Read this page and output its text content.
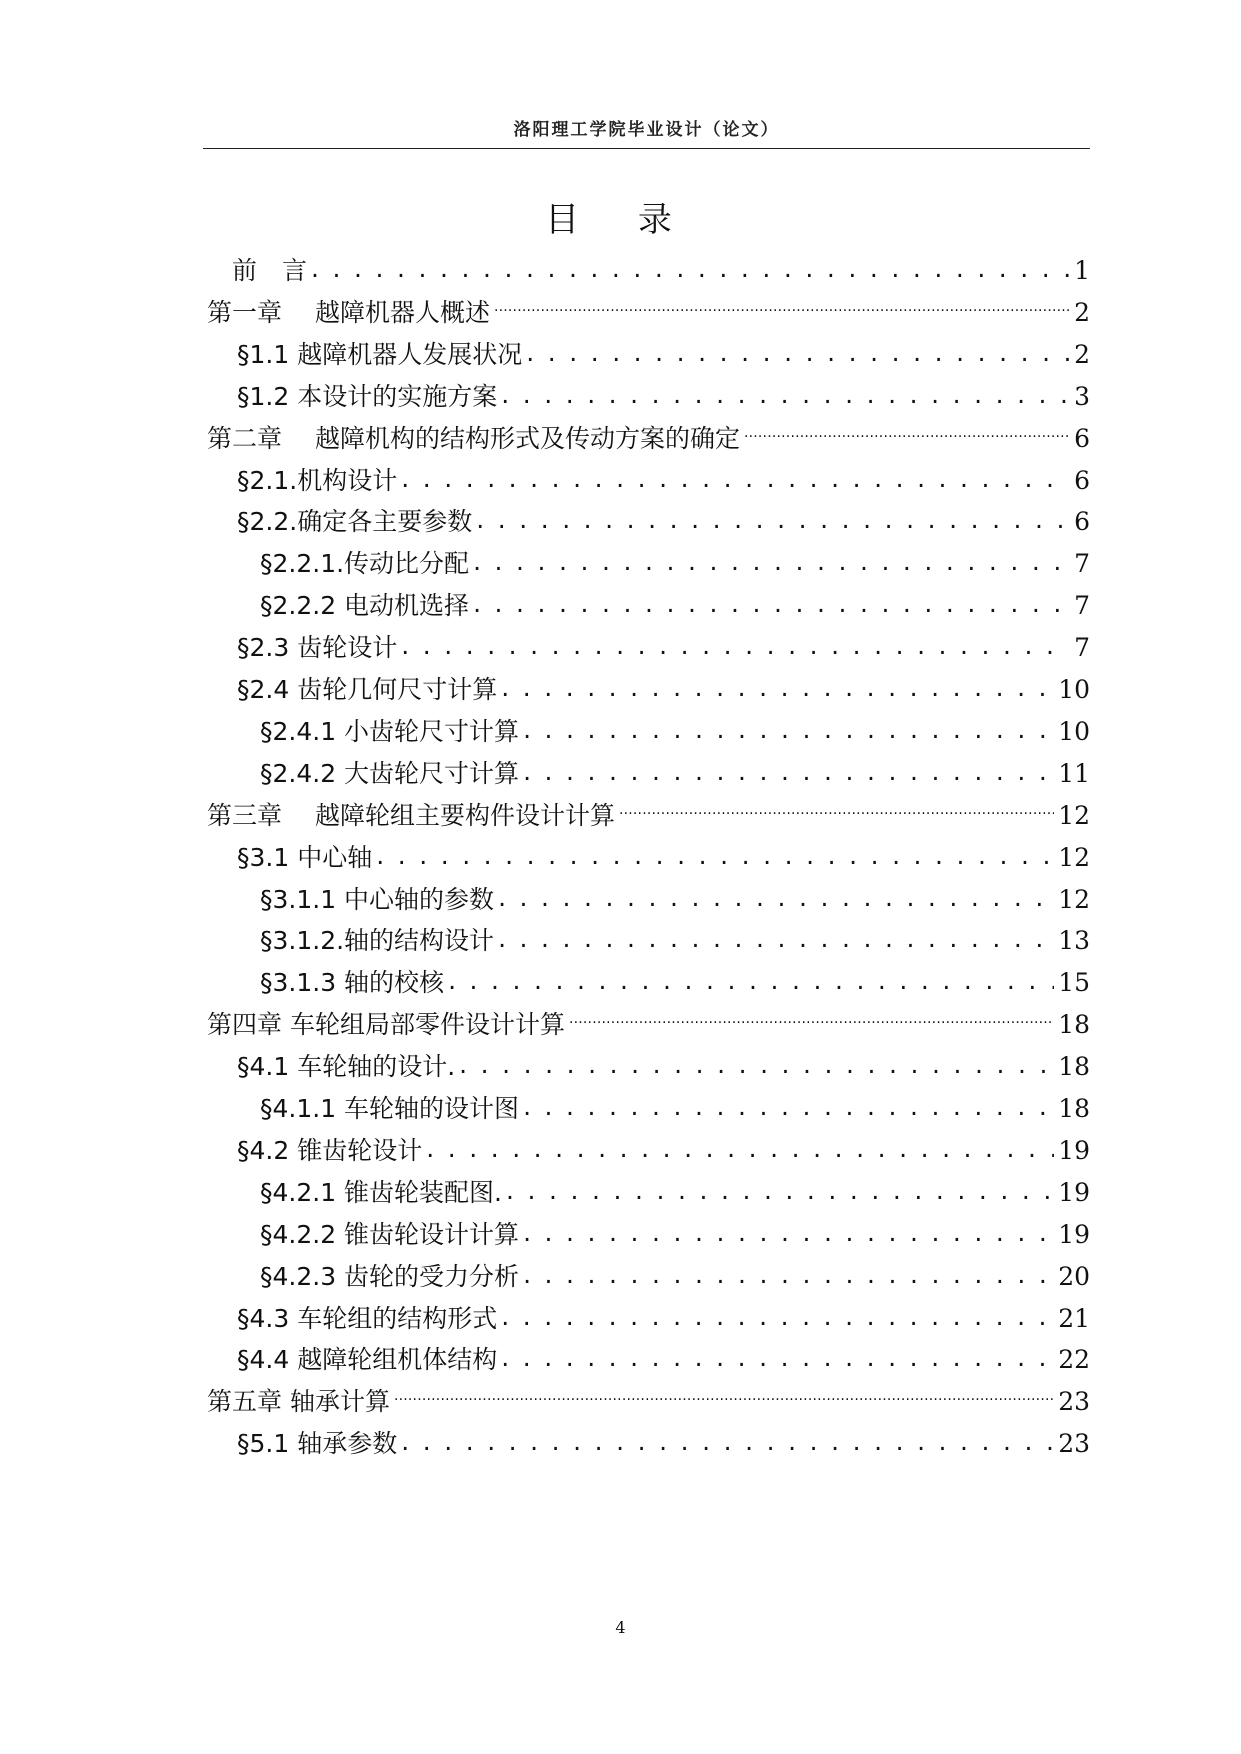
洛阳理工学院毕业设计（论文）
目 录
前　言 . . .	1
第一章　 越障机器人概述 .....	2
§1.1 越障机器人发展状况 . . .	2
§1.2 本设计的实施方案 . . .	3
第二章　 越障机构的结构形式及传动方案的确定 .....	6
§2.1.机构设计 . . .	6
§2.2.确定各主要参数 . . .	6
§2.2.1.传动比分配 . . .	7
§2.2.2 电动机选择 . . .	7
§2.3 齿轮设计 . . .	7
§2.4 齿轮几何尺寸计算 . . .	10
§2.4.1 小齿轮尺寸计算 . . .	10
§2.4.2 大齿轮尺寸计算 . . .	11
第三章　 越障轮组主要构件设计计算 .....	12
§3.1 中心轴 . . .	12
§3.1.1 中心轴的参数 . . .	12
§3.1.2.轴的结构设计 . . .	13
§3.1.3 轴的校核 . . .	15
第四章 车轮组局部零件设计计算 .....	18
§4.1 车轮轴的设计. . . .	18
§4.1.1 车轮轴的设计图 . . .	18
§4.2 锥齿轮设计 . . .	19
§4.2.1 锥齿轮装配图. . . .	19
§4.2.2 锥齿轮设计计算 . . .	19
§4.2.3 齿轮的受力分析 . . .	20
§4.3 车轮组的结构形式 . . .	21
§4.4 越障轮组机体结构 . . .	22
第五章 轴承计算 .....	23
§5.1 轴承参数 . . .	23
4
